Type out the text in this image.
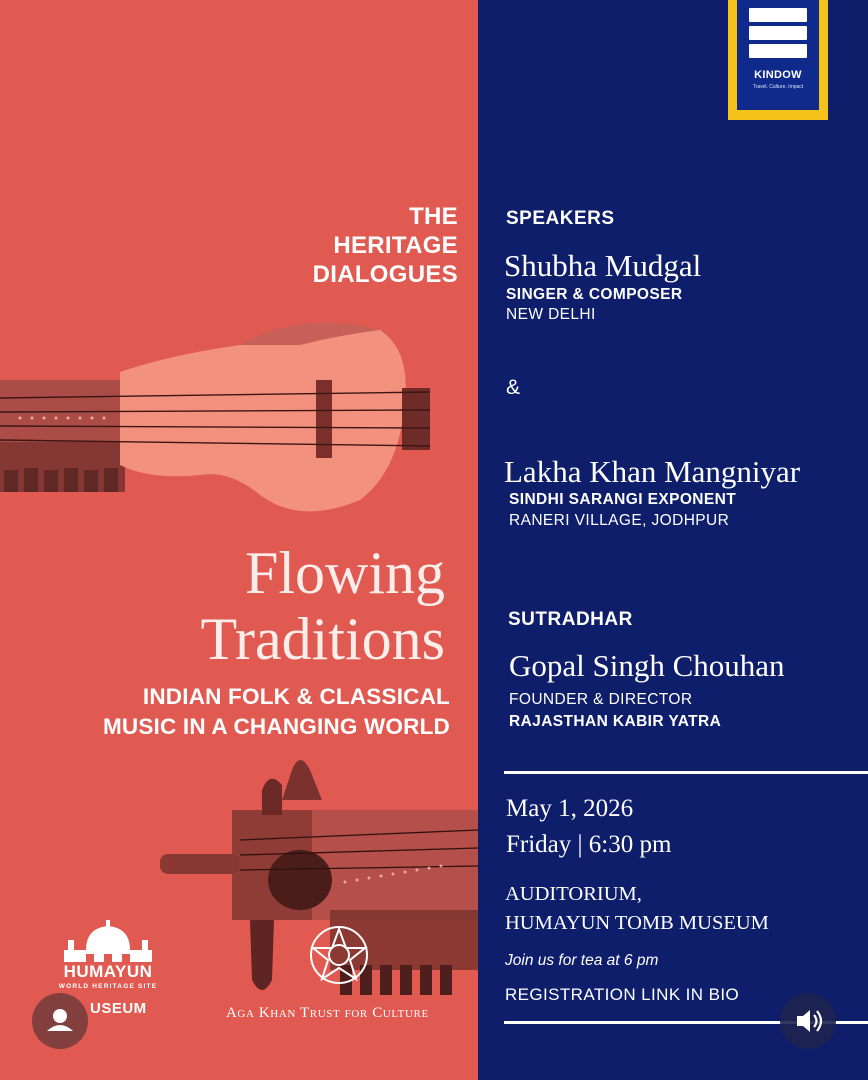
THE
HERITAGE
DIALOGUES
Flowing
Traditions
INDIAN FOLK & CLASSICAL
MUSIC IN A CHANGING WORLD
HUMAYUN
WORLD HERITAGE SITE
USEUM	Aga Khan Trust for Culture
KINDOW
Travel. Culture. Impact
SPEAKERS
Shubha Mudgal
SINGER & COMPOSER
NEW DELHI
&
Lakha Khan Mangniyar
SINDHI SARANGI EXPONENT
RANERI VILLAGE, JODHPUR
SUTRADHAR
Gopal Singh Chouhan
FOUNDER & DIRECTOR
RAJASTHAN KABIR YATRA
May 1, 2026
Friday | 6:30 pm
AUDITORIUM,
HUMAYUN TOMB MUSEUM
Join us for tea at 6 pm
REGISTRATION LINK IN BIO
